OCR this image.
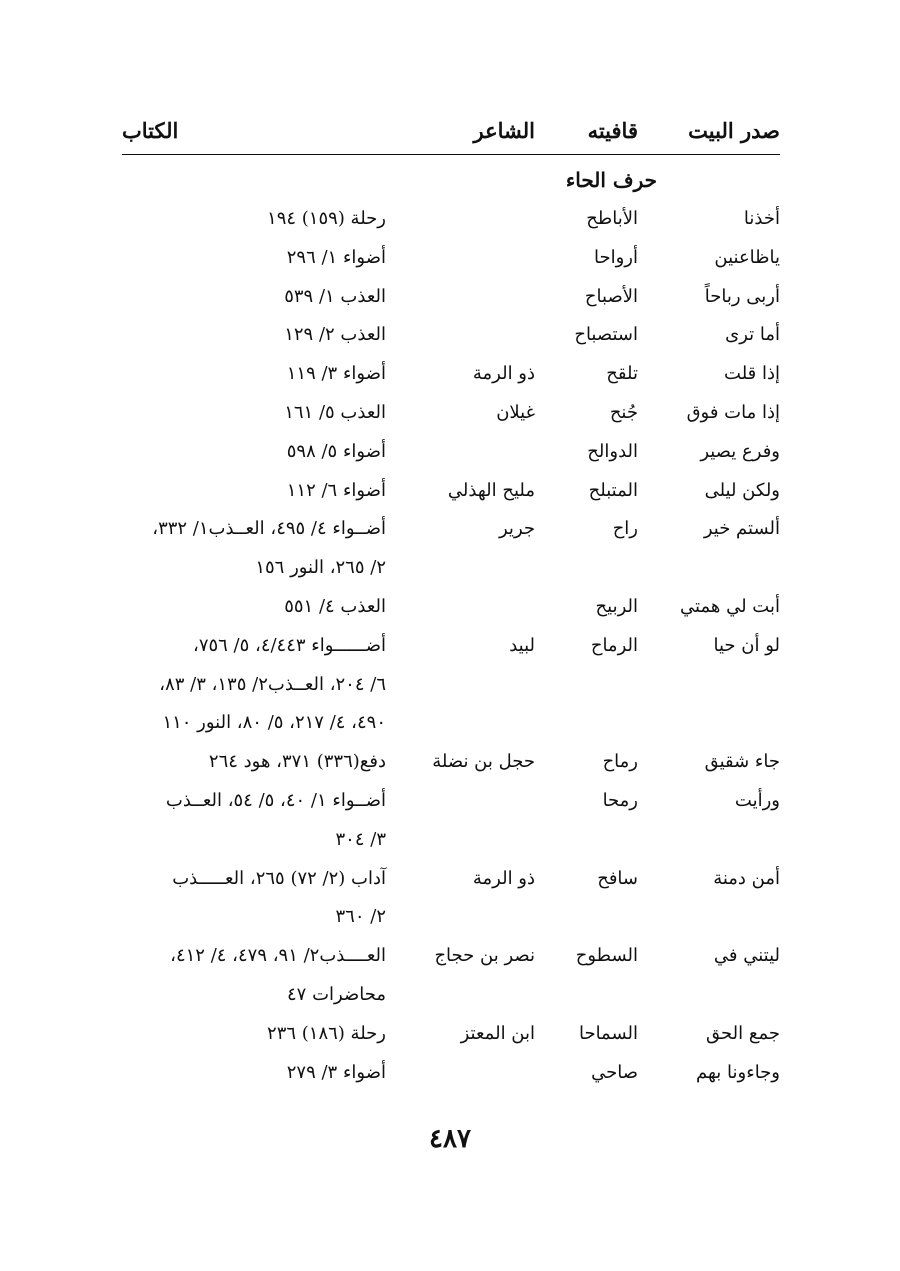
صدر البيت
قافيته
الشاعر
الكتاب
حرف الحاء
أخذنا
الأباطح
رحلة (١٥٩) ١٩٤
ياظاعنين
أرواحا
أضواء ١/ ٢٩٦
أربى رباحاً
الأصباح
العذب ١/ ٥٣٩
أما ترى
استصباح
العذب ٢/ ١٢٩
إذا قلت
تلقح
ذو الرمة
أضواء ٣/ ١١٩
إذا مات فوق
جُنح
غيلان
العذب ٥/ ١٦١
وفرع يصير
الدوالح
أضواء ٥/ ٥٩٨
ولكن ليلى
المتبلح
مليح الهذلي
أضواء ٦/ ١١٢
ألستم خير
راح
جرير
أضــواء ٤/ ٤٩٥، العــذب١/ ٣٣٢،
٢/ ٢٦٥، النور ١٥٦
أبت لي همتي
الربيح
العذب ٤/ ٥٥١
لو أن حيا
الرماح
لبيد
أضــــــواء ٤/٤٤٣، ٥/ ٧٥٦،
٦/ ٢٠٤، العــذب٢/ ١٣٥، ٣/ ٨٣،
٤٩٠، ٤/ ٢١٧، ٥/ ٨٠، النور ١١٠
جاء شقيق
رماح
حجل بن نضلة
دفع(٣٣٦) ٣٧١، هود ٢٦٤
ورأيت
رمحا
أضــواء ١/ ٤٠، ٥/ ٥٤، العــذب
٣/ ٣٠٤
أمن دمنة
سافح
ذو الرمة
آداب (٢/ ٧٢) ٢٦٥، العـــــذب
٢/ ٣٦٠
ليتني في
السطوح
نصر بن حجاج
العــــذب٢/ ٩١، ٤٧٩، ٤/ ٤١٢،
محاضرات ٤٧
جمع الحق
السماحا
ابن المعتز
رحلة (١٨٦) ٢٣٦
وجاءونا بهم
صاحي
أضواء ٣/ ٢٧٩
٤٨٧
